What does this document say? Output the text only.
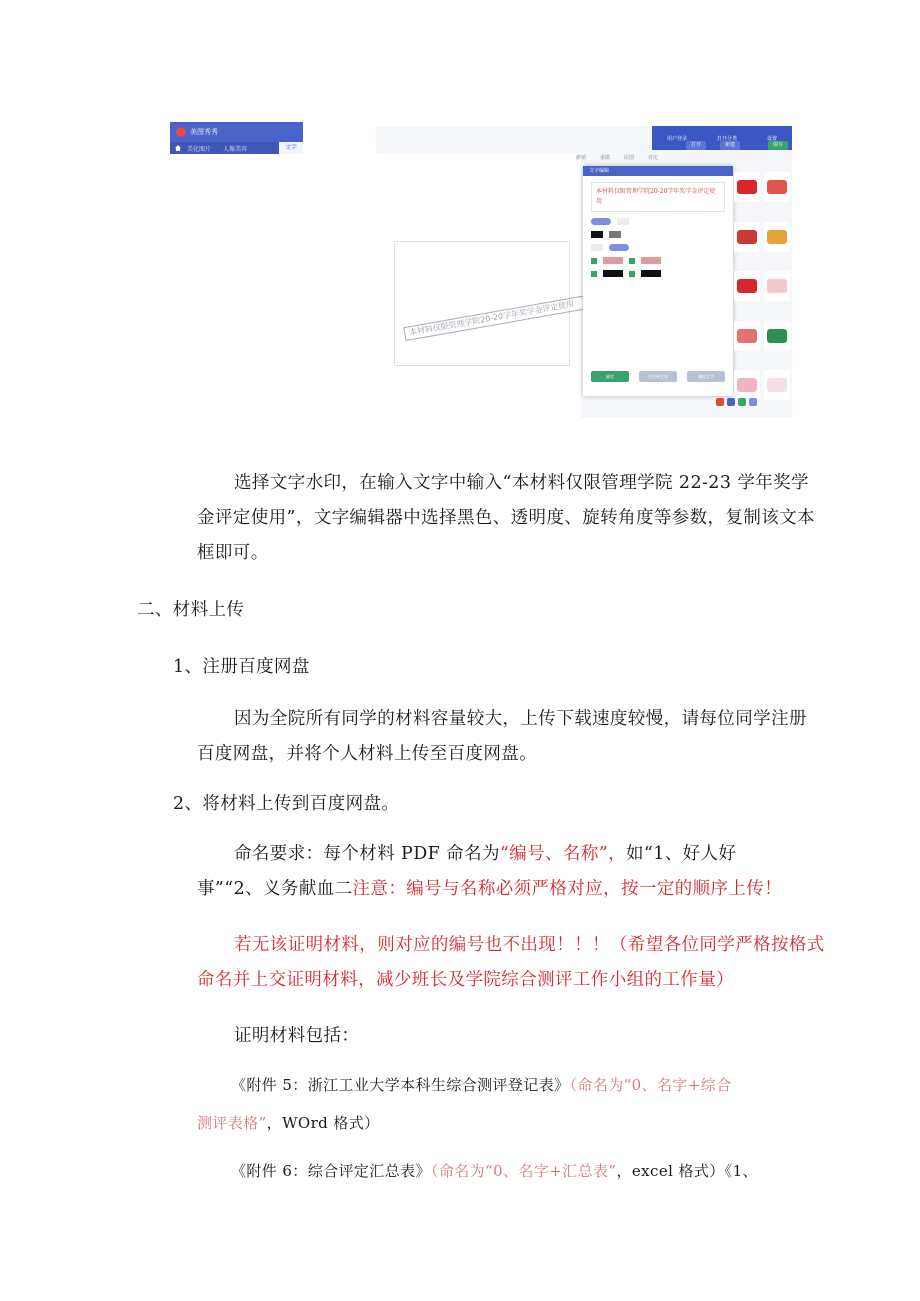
美图秀秀
美化图片	人像美容	文字
用户登录	打开分类	设置
打开	新建	保存
撤销	重做	原图	对比
本材料仅限管理学院20-20学年奖学金评定使用
文字编辑
本材料仅限管理学院20-20学年奖学金评定使用
确定	应用到全部	删除文字
选择文字水印，在输入文字中输入“本材料仅限管理学院 22-23 学年奖学
金评定使用”，文字编辑器中选择黑色、透明度、旋转角度等参数，复制该文本
框即可。
二、材料上传
1、注册百度网盘
因为全院所有同学的材料容量较大，上传下载速度较慢，请每位同学注册
百度网盘，并将个人材料上传至百度网盘。
2、将材料上传到百度网盘。
命名要求：每个材料 PDF 命名为“编号、名称”，如“1、好人好
事”“2、义务献血二注意：编号与名称必须严格对应，按一定的顺序上传！
若无该证明材料，则对应的编号也不出现！！！（希望各位同学严格按格式
命名并上交证明材料，减少班长及学院综合测评工作小组的工作量）
证明材料包括：
《附件 5：浙江工业大学本科生综合测评登记表》（命名为“0、名字+综合
测评表格”，WOrd 格式）
《附件 6：综合评定汇总表》（命名为“0、名字+汇总表”，excel 格式）《1、
